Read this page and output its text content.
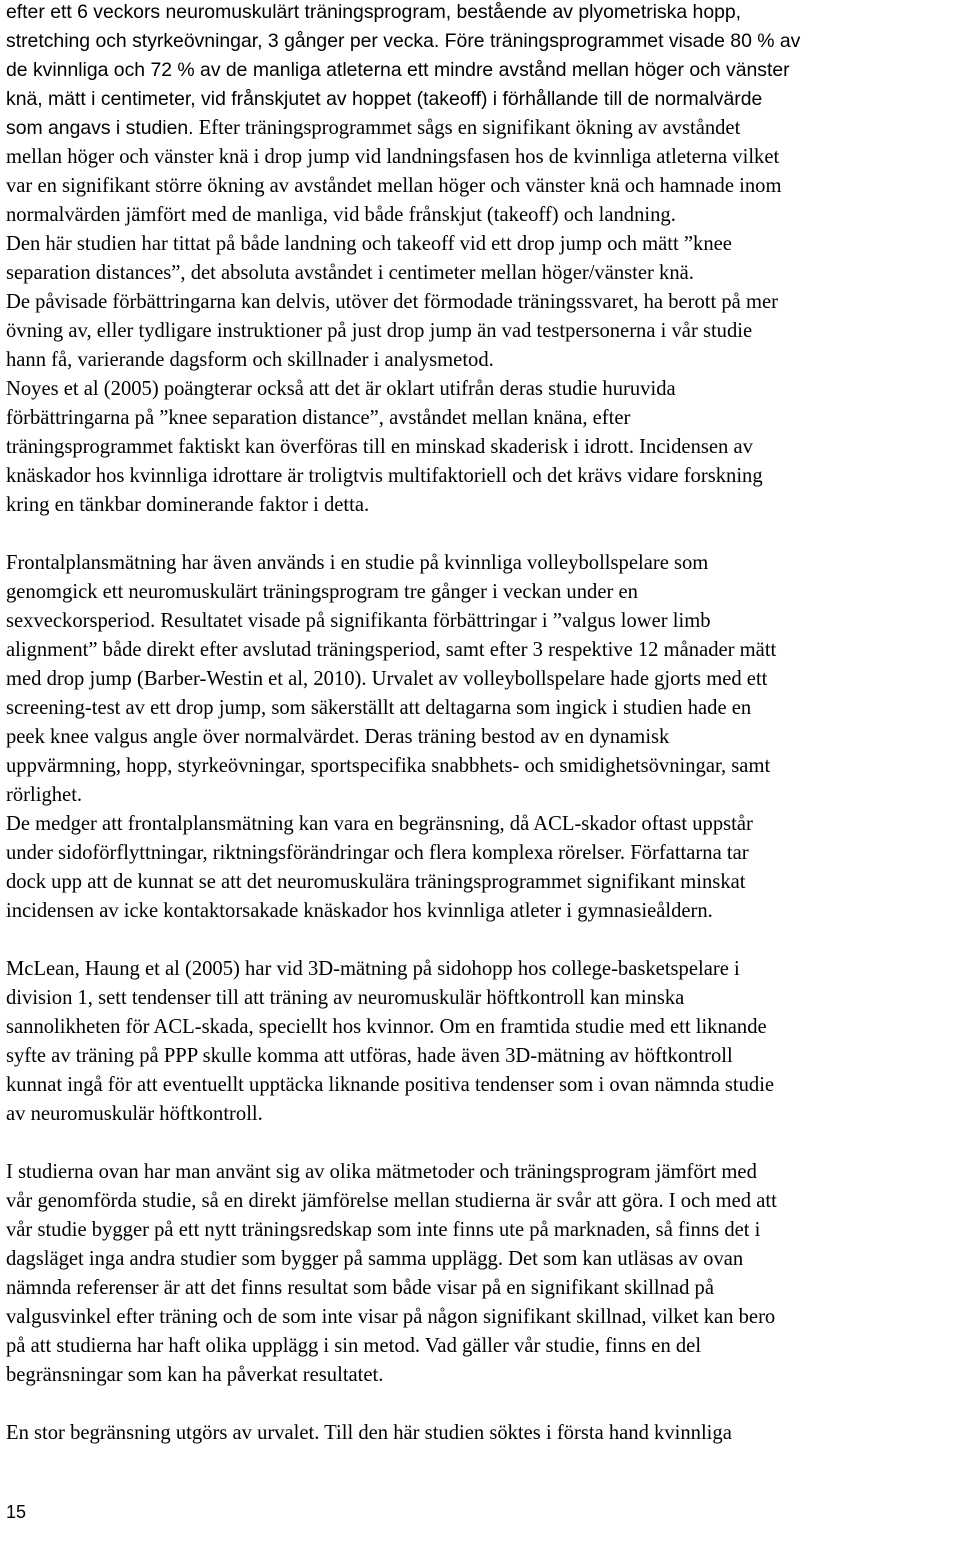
efter ett 6 veckors neuromuskulärt träningsprogram, bestående av plyometriska hopp,
stretching och styrkeövningar, 3 gånger per vecka. Före träningsprogrammet visade 80 % av
de kvinnliga och 72 % av de manliga atleterna ett mindre avstånd mellan höger och vänster
knä, mätt i centimeter, vid frånskjutet av hoppet (takeoff) i förhållande till de normalvärde
som angavs i studien. Efter träningsprogrammet sågs en signifikant ökning av avståndet
mellan höger och vänster knä i drop jump vid landningsfasen hos de kvinnliga atleterna vilket
var en signifikant större ökning av avståndet mellan höger och vänster knä och hamnade inom
normalvärden jämfört med de manliga, vid både frånskjut (takeoff) och landning.
Den här studien har tittat på både landning och takeoff vid ett drop jump och mätt ”knee
separation distances”, det absoluta avståndet i centimeter mellan höger/vänster knä.
De påvisade förbättringarna kan delvis, utöver det förmodade träningssvaret, ha berott på mer
övning av, eller tydligare instruktioner på just drop jump än vad testpersonerna i vår studie
hann få, varierande dagsform och skillnader i analysmetod.
Noyes et al (2005) poängterar också att det är oklart utifrån deras studie huruvida
förbättringarna på ”knee separation distance”, avståndet mellan knäna, efter
träningsprogrammet faktiskt kan överföras till en minskad skaderisk i idrott. Incidensen av
knäskador hos kvinnliga idrottare är troligtvis multifaktoriell och det krävs vidare forskning
kring en tänkbar dominerande faktor i detta.
Frontalplansmätning har även används i en studie på kvinnliga volleybollspelare som
genomgick ett neuromuskulärt träningsprogram tre gånger i veckan under en
sexveckorsperiod. Resultatet visade på signifikanta förbättringar i ”valgus lower limb
alignment” både direkt efter avslutad träningsperiod, samt efter 3 respektive 12 månader mätt
med drop jump (Barber-Westin et al, 2010). Urvalet av volleybollspelare hade gjorts med ett
screening-test av ett drop jump, som säkerställt att deltagarna som ingick i studien hade en
peek knee valgus angle över normalvärdet. Deras träning bestod av en dynamisk
uppvärmning, hopp, styrkeövningar, sportspecifika snabbhets- och smidighetsövningar, samt
rörlighet.
De medger att frontalplansmätning kan vara en begränsning, då ACL-skador oftast uppstår
under sidoförflyttningar, riktningsförändringar och flera komplexa rörelser. Författarna tar
dock upp att de kunnat se att det neuromuskulära träningsprogrammet signifikant minskat
incidensen av icke kontaktorsakade knäskador hos kvinnliga atleter i gymnasieåldern.
McLean, Haung et al (2005) har vid 3D-mätning på sidohopp hos college-basketspelare i
division 1, sett tendenser till att träning av neuromuskulär höftkontroll kan minska
sannolikheten för ACL-skada, speciellt hos kvinnor. Om en framtida studie med ett liknande
syfte av träning på PPP skulle komma att utföras, hade även 3D-mätning av höftkontroll
kunnat ingå för att eventuellt upptäcka liknande positiva tendenser som i ovan nämnda studie
av neuromuskulär höftkontroll.
I studierna ovan har man använt sig av olika mätmetoder och träningsprogram jämfört med
vår genomförda studie, så en direkt jämförelse mellan studierna är svår att göra. I och med att
vår studie bygger på ett nytt träningsredskap som inte finns ute på marknaden, så finns det i
dagsläget inga andra studier som bygger på samma upplägg. Det som kan utläsas av ovan
nämnda referenser är att det finns resultat som både visar på en signifikant skillnad på
valgusvinkel efter träning och de som inte visar på någon signifikant skillnad, vilket kan bero
på att studierna har haft olika upplägg i sin metod. Vad gäller vår studie, finns en del
begränsningar som kan ha påverkat resultatet.
En stor begränsning utgörs av urvalet. Till den här studien söktes i första hand kvinnliga
15
